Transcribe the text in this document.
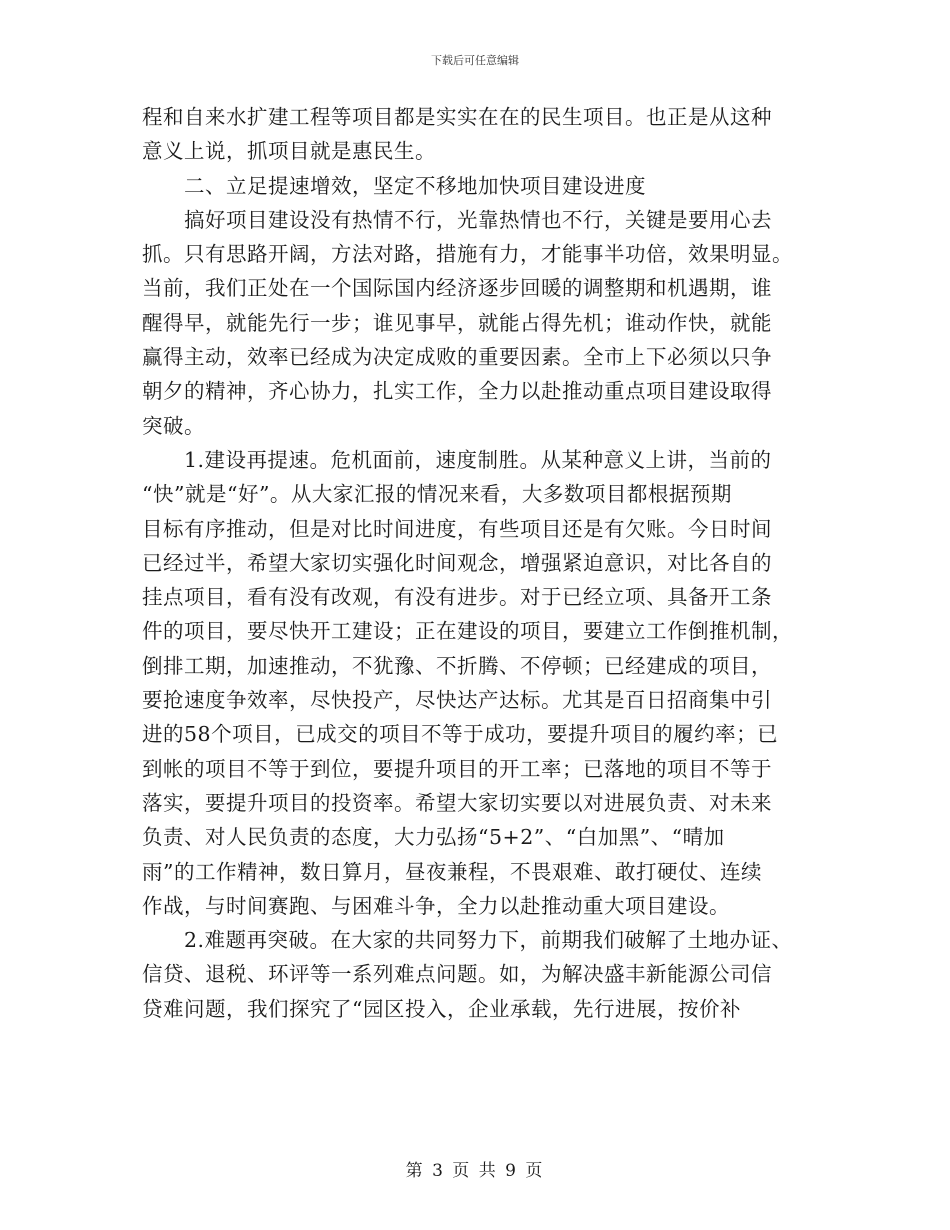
下载后可任意编辑
程和自来水扩建工程等项目都是实实在在的民生项目。也正是从这种
意义上说，抓项目就是惠民生。
二、立足提速增效，坚定不移地加快项目建设进度
搞好项目建设没有热情不行，光靠热情也不行，关键是要用心去
抓。只有思路开阔，方法对路，措施有力，才能事半功倍，效果明显。
当前，我们正处在一个国际国内经济逐步回暖的调整期和机遇期，谁
醒得早，就能先行一步；谁见事早，就能占得先机；谁动作快，就能
赢得主动，效率已经成为决定成败的重要因素。全市上下必须以只争
朝夕的精神，齐心协力，扎实工作，全力以赴推动重点项目建设取得
突破。
1.建设再提速。危机面前，速度制胜。从某种意义上讲，当前的
“快”就是“好”。从大家汇报的情况来看，大多数项目都根据预期
目标有序推动，但是对比时间进度，有些项目还是有欠账。今日时间
已经过半，希望大家切实强化时间观念，增强紧迫意识，对比各自的
挂点项目，看有没有改观，有没有进步。对于已经立项、具备开工条
件的项目，要尽快开工建设；正在建设的项目，要建立工作倒推机制，
倒排工期，加速推动，不犹豫、不折腾、不停顿；已经建成的项目，
要抢速度争效率，尽快投产，尽快达产达标。尤其是百日招商集中引
进的58个项目，已成交的项目不等于成功，要提升项目的履约率；已
到帐的项目不等于到位，要提升项目的开工率；已落地的项目不等于
落实，要提升项目的投资率。希望大家切实要以对进展负责、对未来
负责、对人民负责的态度，大力弘扬“5+2”、“白加黑”、“晴加
雨”的工作精神，数日算月，昼夜兼程，不畏艰难、敢打硬仗、连续
作战，与时间赛跑、与困难斗争，全力以赴推动重大项目建设。
2.难题再突破。在大家的共同努力下，前期我们破解了土地办证、
信贷、退税、环评等一系列难点问题。如，为解决盛丰新能源公司信
贷难问题，我们探究了“园区投入，企业承载，先行进展，按价补
第 3 页 共 9 页
